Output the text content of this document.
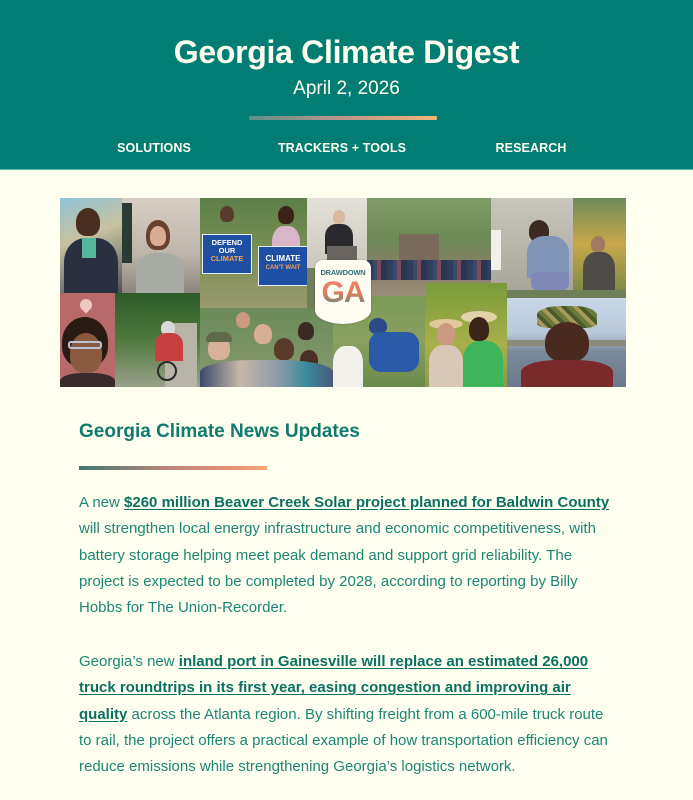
Georgia Climate Digest
April 2, 2026
SOLUTIONS	TRACKERS + TOOLS	RESEARCH
DEFEND
OUR
CLIMATE	CLIMATE
CAN'T WAIT	DRAWDOWN
GA
Georgia Climate News Updates

A new $260 million Beaver Creek Solar project planned for Baldwin County will strengthen local energy infrastructure and economic competitiveness, with battery storage helping meet peak demand and support grid reliability. The project is expected to be completed by 2028, according to reporting by Billy Hobbs for The Union-Recorder.

Georgia’s new inland port in Gainesville will replace an estimated 26,000 truck roundtrips in its first year, easing congestion and improving air quality across the Atlanta region. By shifting freight from a 600-mile truck route to rail, the project offers a practical example of how transportation efficiency can reduce emissions while strengthening Georgia’s logistics network.
